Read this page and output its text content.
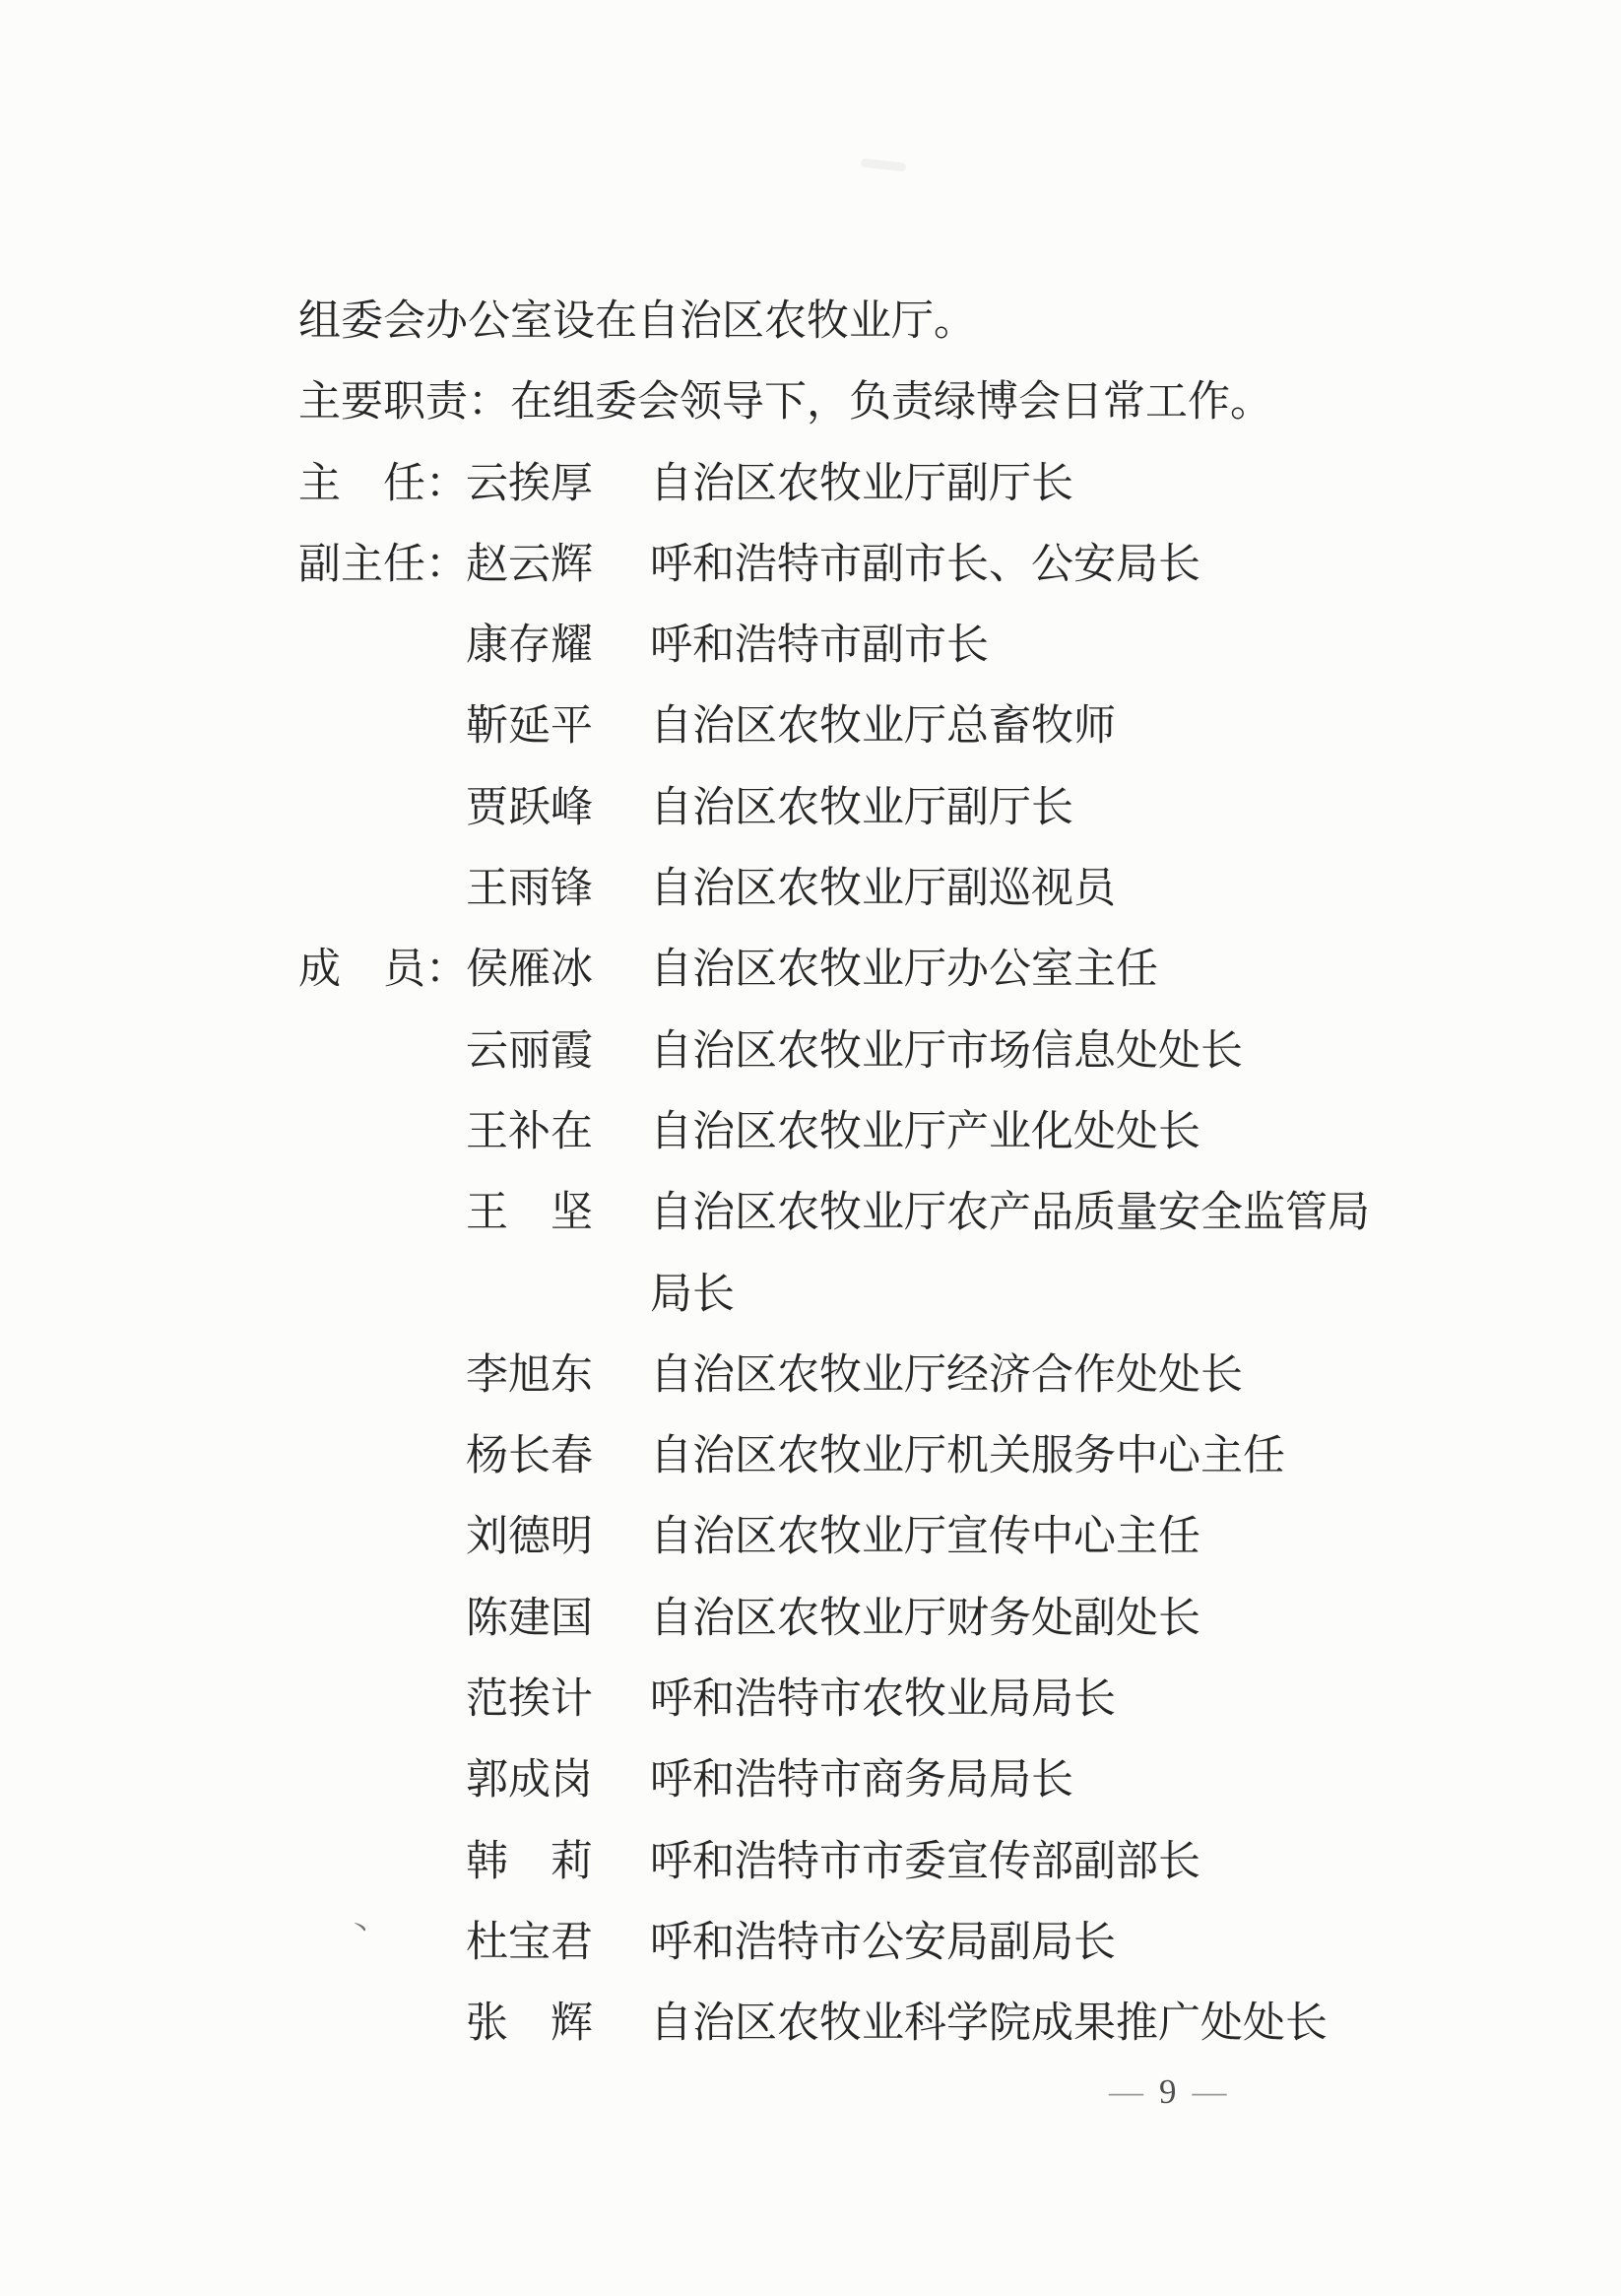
组委会办公室设在自治区农牧业厅。
主要职责：在组委会领导下，负责绿博会日常工作。
主　任：
云挨厚 自治区农牧业厅副厅长
副主任：
赵云辉 呼和浩特市副市长、公安局长
康存耀 呼和浩特市副市长
靳延平 自治区农牧业厅总畜牧师
贾跃峰 自治区农牧业厅副厅长
王雨锋 自治区农牧业厅副巡视员
成　员：
侯雁冰 自治区农牧业厅办公室主任
云丽霞 自治区农牧业厅市场信息处处长
王补在 自治区农牧业厅产业化处处长
王　坚 自治区农牧业厅农产品质量安全监管局
局长
李旭东 自治区农牧业厅经济合作处处长
杨长春 自治区农牧业厅机关服务中心主任
刘德明 自治区农牧业厅宣传中心主任
陈建国 自治区农牧业厅财务处副处长
范挨计 呼和浩特市农牧业局局长
郭成岗 呼和浩特市商务局局长
韩　莉 呼和浩特市市委宣传部副部长
丶 杜宝君 呼和浩特市公安局副局长
张　辉 自治区农牧业科学院成果推广处处长
— 9 —
